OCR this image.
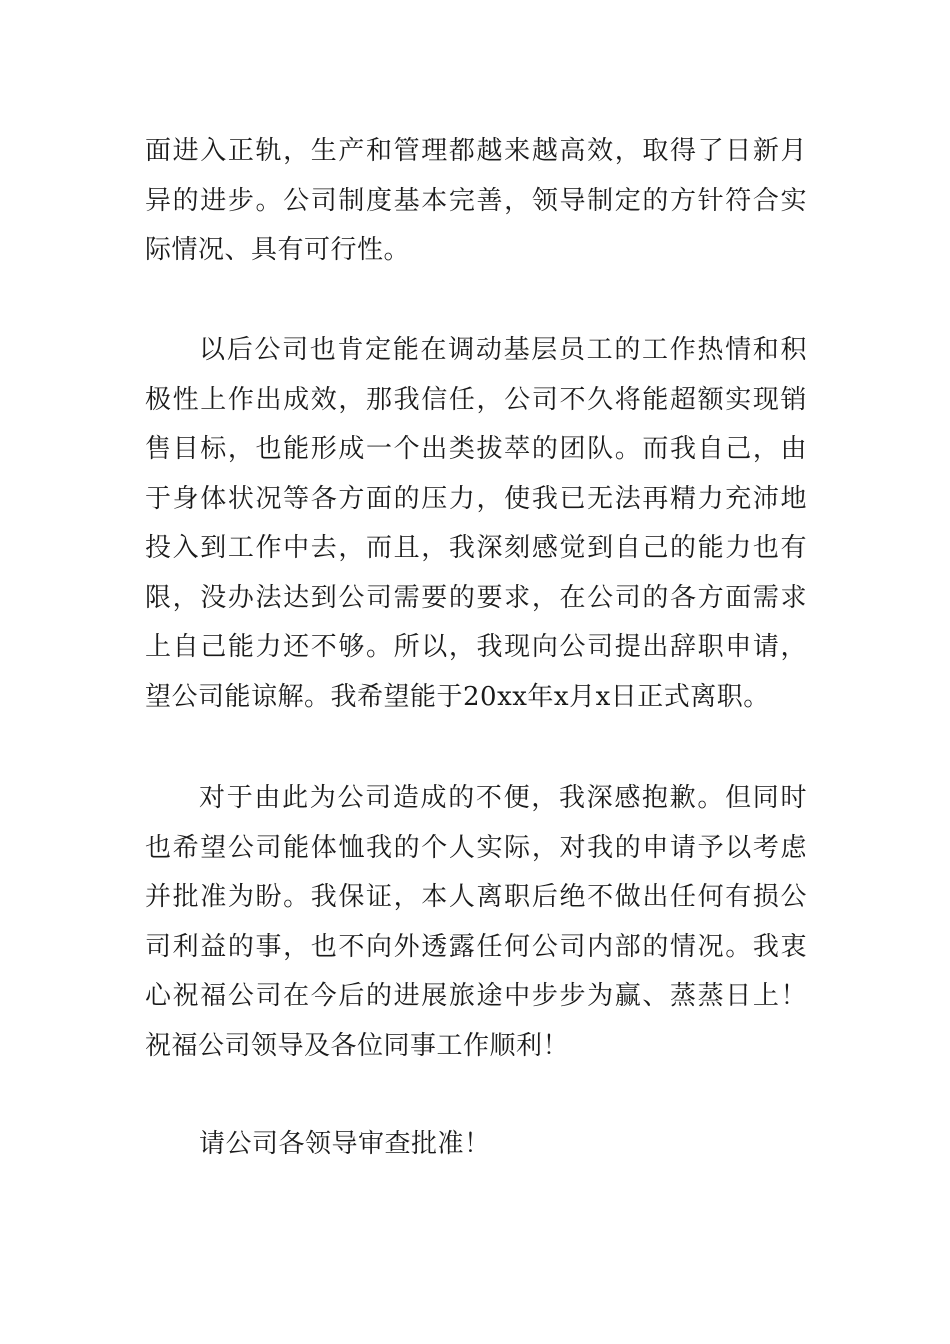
面进入正轨，生产和管理都越来越高效，取得了日新月异的进步。公司制度基本完善，领导制定的方针符合实际情况、具有可行性。

以后公司也肯定能在调动基层员工的工作热情和积极性上作出成效，那我信任，公司不久将能超额实现销售目标，也能形成一个出类拔萃的团队。而我自己，由于身体状况等各方面的压力，使我已无法再精力充沛地投入到工作中去，而且，我深刻感觉到自己的能力也有限，没办法达到公司需要的要求，在公司的各方面需求上自己能力还不够。所以，我现向公司提出辞职申请，望公司能谅解。我希望能于20xx年x月x日正式离职。

对于由此为公司造成的不便，我深感抱歉。但同时也希望公司能体恤我的个人实际，对我的申请予以考虑并批准为盼。我保证，本人离职后绝不做出任何有损公司利益的事，也不向外透露任何公司内部的情况。我衷心祝福公司在今后的进展旅途中步步为赢、蒸蒸日上！祝福公司领导及各位同事工作顺利！

请公司各领导审查批准！
